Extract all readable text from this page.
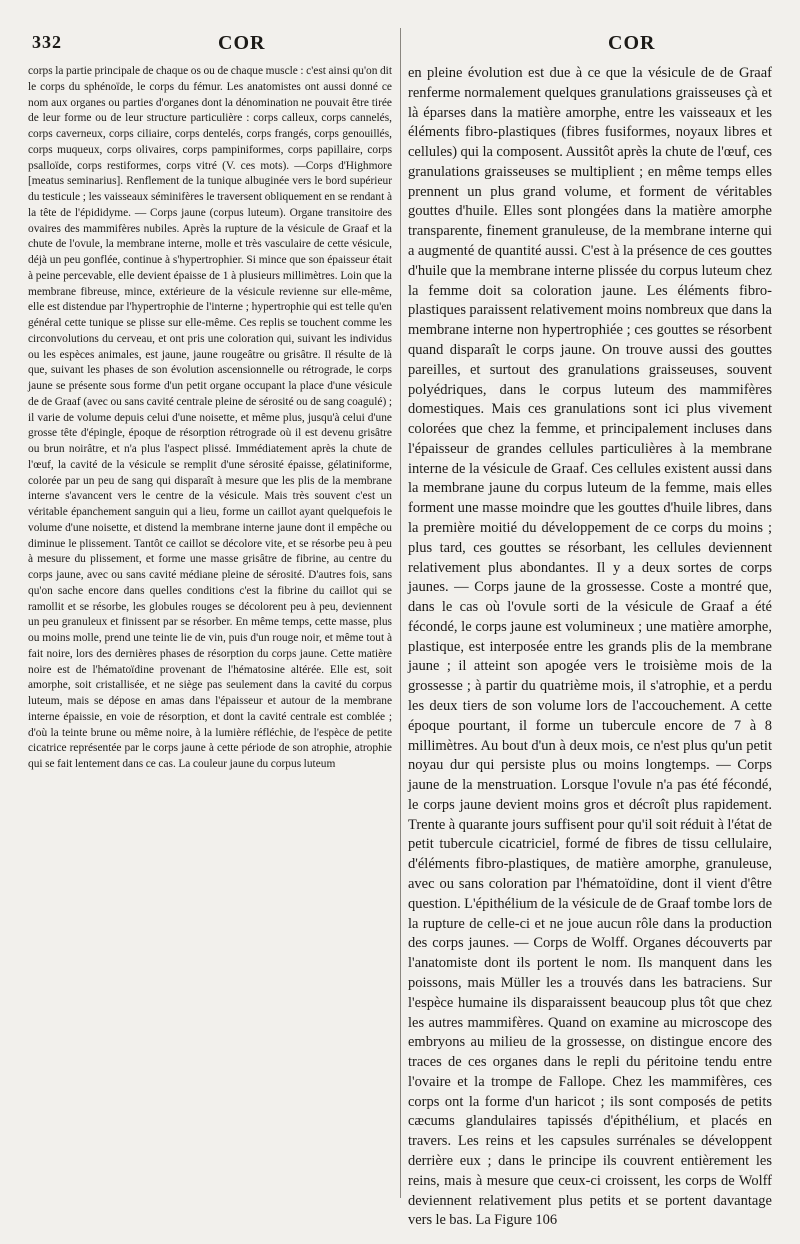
332	COR	COR

corps la partie principale de chaque os ou de chaque muscle : c'est ainsi qu'on dit le corps du sphénoïde, le corps du fémur. Les anatomistes ont aussi donné ce nom aux organes ou parties d'organes dont la dénomination ne pouvait être tirée de leur forme ou de leur structure particulière : corps calleux, corps cannelés, corps caverneux, corps ciliaire, corps dentelés, corps frangés, corps genouillés, corps muqueux, corps olivaires, corps pampiniformes, corps papillaire, corps psalloïde, corps restiformes, corps vitré (V. ces mots). —Corps d'Highmore [meatus seminarius]. Renflement de la tunique albuginée vers le bord supérieur du testicule ; les vaisseaux séminifères le traversent obliquement en se rendant à la tête de l'épididyme. — Corps jaune (corpus luteum). Organe transitoire des ovaires des mammifères nubiles. Après la rupture de la vésicule de Graaf et la chute de l'ovule, la membrane interne, molle et très vasculaire de cette vésicule, déjà un peu gonflée, continue à s'hypertrophier. Si mince que son épaisseur était à peine percevable, elle devient épaisse de 1 à plusieurs millimètres. Loin que la membrane fibreuse, mince, extérieure de la vésicule revienne sur elle-même, elle est distendue par l'hypertrophie de l'interne ; hypertrophie qui est telle qu'en général cette tunique se plisse sur elle-même. Ces replis se touchent comme les circonvolutions du cerveau, et ont pris une coloration qui, suivant les individus ou les espèces animales, est jaune, jaune rougeâtre ou grisâtre. Il résulte de là que, suivant les phases de son évolution ascensionnelle ou rétrograde, le corps jaune se présente sous forme d'un petit organe occupant la place d'une vésicule de de Graaf (avec ou sans cavité centrale pleine de sérosité ou de sang coagulé) ; il varie de volume depuis celui d'une noisette, et même plus, jusqu'à celui d'une grosse tête d'épingle, époque de résorption rétrograde où il est devenu grisâtre ou brun noirâtre, et n'a plus l'aspect plissé. Immédiatement après la chute de l'œuf, la cavité de la vésicule se remplit d'une sérosité épaisse, gélatiniforme, colorée par un peu de sang qui disparaît à mesure que les plis de la membrane interne s'avancent vers le centre de la vésicule. Mais très souvent c'est un véritable épanchement sanguin qui a lieu, forme un caillot ayant quelquefois le volume d'une noisette, et distend la membrane interne jaune dont il empêche ou diminue le plissement. Tantôt ce caillot se décolore vite, et se résorbe peu à peu à mesure du plissement, et forme une masse grisâtre de fibrine, au centre du corps jaune, avec ou sans cavité médiane pleine de sérosité. D'autres fois, sans qu'on sache encore dans quelles conditions c'est la fibrine du caillot qui se ramollit et se résorbe, les globules rouges se décolorent peu à peu, deviennent un peu granuleux et finissent par se résorber. En même temps, cette masse, plus ou moins molle, prend une teinte lie de vin, puis d'un rouge noir, et même tout à fait noire, lors des dernières phases de résorption du corps jaune. Cette matière noire est de l'hématoïdine provenant de l'hématosine altérée. Elle est, soit amorphe, soit cristallisée, et ne siège pas seulement dans la cavité du corpus luteum, mais se dépose en amas dans l'épaisseur et autour de la membrane interne épaissie, en voie de résorption, et dont la cavité centrale est comblée ; d'où la teinte brune ou même noire, à la lumière réfléchie, de l'espèce de petite cicatrice représentée par le corps jaune à cette période de son atrophie, atrophie qui se fait lentement dans ce cas. La couleur jaune du corpus luteum

en pleine évolution est due à ce que la vésicule de de Graaf renferme normalement quelques granulations graisseuses çà et là éparses dans la matière amorphe, entre les vaisseaux et les éléments fibro-plastiques (fibres fusiformes, noyaux libres et cellules) qui la composent. Aussitôt après la chute de l'œuf, ces granulations graisseuses se multiplient ; en même temps elles prennent un plus grand volume, et forment de véritables gouttes d'huile. Elles sont plongées dans la matière amorphe transparente, finement granuleuse, de la membrane interne qui a augmenté de quantité aussi. C'est à la présence de ces gouttes d'huile que la membrane interne plissée du corpus luteum chez la femme doit sa coloration jaune. Les éléments fibro-plastiques paraissent relativement moins nombreux que dans la membrane interne non hypertrophiée ; ces gouttes se résorbent quand disparaît le corps jaune. On trouve aussi des gouttes pareilles, et surtout des granulations graisseuses, souvent polyédriques, dans le corpus luteum des mammifères domestiques. Mais ces granulations sont ici plus vivement colorées que chez la femme, et principalement incluses dans l'épaisseur de grandes cellules particulières à la membrane interne de la vésicule de Graaf. Ces cellules existent aussi dans la membrane jaune du corpus luteum de la femme, mais elles forment une masse moindre que les gouttes d'huile libres, dans la première moitié du développement de ce corps du moins ; plus tard, ces gouttes se résorbant, les cellules deviennent relativement plus abondantes. Il y a deux sortes de corps jaunes. — Corps jaune de la grossesse. Coste a montré que, dans le cas où l'ovule sorti de la vésicule de Graaf a été fécondé, le corps jaune est volumineux ; une matière amorphe, plastique, est interposée entre les grands plis de la membrane jaune ; il atteint son apogée vers le troisième mois de la grossesse ; à partir du quatrième mois, il s'atrophie, et a perdu les deux tiers de son volume lors de l'accouchement. A cette époque pourtant, il forme un tubercule encore de 7 à 8 millimètres. Au bout d'un à deux mois, ce n'est plus qu'un petit noyau dur qui persiste plus ou moins longtemps. — Corps jaune de la menstruation. Lorsque l'ovule n'a pas été fécondé, le corps jaune devient moins gros et décroît plus rapidement. Trente à quarante jours suffisent pour qu'il soit réduit à l'état de petit tubercule cicatriciel, formé de fibres de tissu cellulaire, d'éléments fibro-plastiques, de matière amorphe, granuleuse, avec ou sans coloration par l'hématoïdine, dont il vient d'être question. L'épithélium de la vésicule de de Graaf tombe lors de la rupture de celle-ci et ne joue aucun rôle dans la production des corps jaunes. — Corps de Wolff. Organes découverts par l'anatomiste dont ils portent le nom. Ils manquent dans les poissons, mais Müller les a trouvés dans les batraciens. Sur l'espèce humaine ils disparaissent beaucoup plus tôt que chez les autres mammifères. Quand on examine au microscope des embryons au milieu de la grossesse, on distingue encore des traces de ces organes dans le repli du péritoine tendu entre l'ovaire et la trompe de Fallope. Chez les mammifères, ces corps ont la forme d'un haricot ; ils sont composés de petits cæcums glandulaires tapissés d'épithélium, et placés en travers. Les reins et les capsules surrénales se développent derrière eux ; dans le principe ils couvrent entièrement les reins, mais à mesure que ceux-ci croissent, les corps de Wolff deviennent relativement plus petits et se portent davantage vers le bas. La Figure 106
